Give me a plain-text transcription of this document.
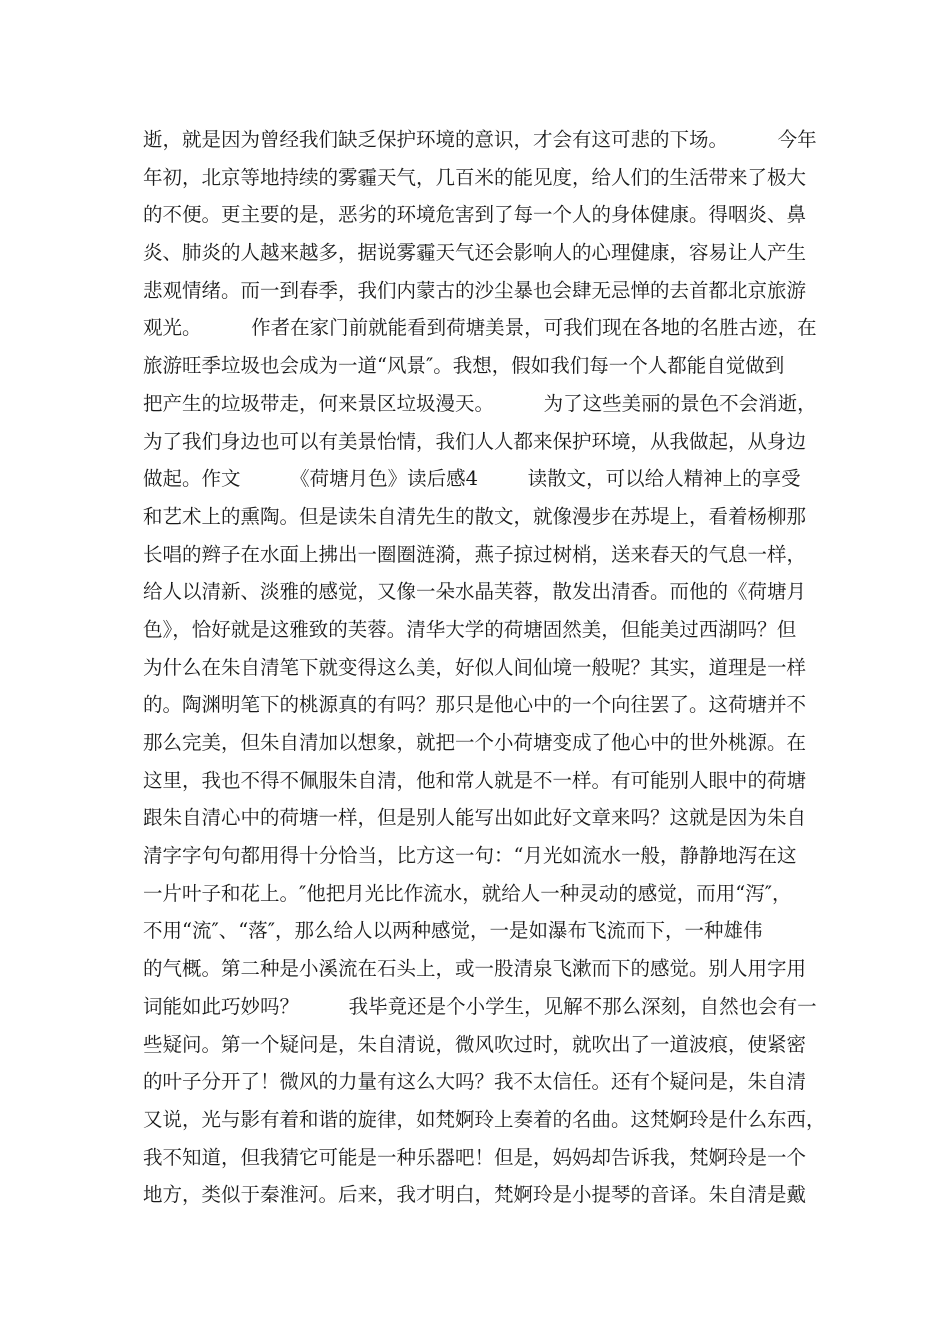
逝，就是因为曾经我们缺乏保护环境的意识，才会有这可悲的下场。        今年
年初，北京等地持续的雾霾天气，几百米的能见度，给人们的生活带来了极大
的不便。更主要的是，恶劣的环境危害到了每一个人的身体健康。得咽炎、鼻
炎、肺炎的人越来越多，据说雾霾天气还会影响人的心理健康，容易让人产生
悲观情绪。而一到春季，我们内蒙古的沙尘暴也会肆无忌惮的去首都北京旅游
观光。        作者在家门前就能看到荷塘美景，可我们现在各地的名胜古迹，在
旅游旺季垃圾也会成为一道“风景″。我想，假如我们每一个人都能自觉做到
把产生的垃圾带走，何来景区垃圾漫天。        为了这些美丽的景色不会消逝，
为了我们身边也可以有美景怡情，我们人人都来保护环境，从我做起，从身边
做起。作文        《荷塘月色》读后感4        读散文，可以给人精神上的享受
和艺术上的熏陶。但是读朱自清先生的散文，就像漫步在苏堤上，看着杨柳那
长唱的辫子在水面上拂出一圈圈涟漪，燕子掠过树梢，送来春天的气息一样，
给人以清新、淡雅的感觉，又像一朵水晶芙蓉，散发出清香。而他的《荷塘月
色》，恰好就是这雅致的芙蓉。清华大学的荷塘固然美，但能美过西湖吗？但
为什么在朱自清笔下就变得这么美，好似人间仙境一般呢？其实，道理是一样
的。陶渊明笔下的桃源真的有吗？那只是他心中的一个向往罢了。这荷塘并不
那么完美，但朱自清加以想象，就把一个小荷塘变成了他心中的世外桃源。在
这里，我也不得不佩服朱自清，他和常人就是不一样。有可能别人眼中的荷塘
跟朱自清心中的荷塘一样，但是别人能写出如此好文章来吗？这就是因为朱自
清字字句句都用得十分恰当，比方这一句：“月光如流水一般，静静地泻在这
一片叶子和花上。″他把月光比作流水，就给人一种灵动的感觉，而用“泻″，
不用“流″、“落″，那么给人以两种感觉，一是如瀑布飞流而下，一种雄伟
的气概。第二种是小溪流在石头上，或一股清泉飞漱而下的感觉。别人用字用
词能如此巧妙吗？        我毕竟还是个小学生，见解不那么深刻，自然也会有一
些疑问。第一个疑问是，朱自清说，微风吹过时，就吹出了一道波痕，使紧密
的叶子分开了！微风的力量有这么大吗？我不太信任。还有个疑问是，朱自清
又说，光与影有着和谐的旋律，如梵婀玲上奏着的名曲。这梵婀玲是什么东西，
我不知道，但我猜它可能是一种乐器吧！但是，妈妈却告诉我，梵婀玲是一个
地方，类似于秦淮河。后来，我才明白，梵婀玲是小提琴的音译。朱自清是戴
